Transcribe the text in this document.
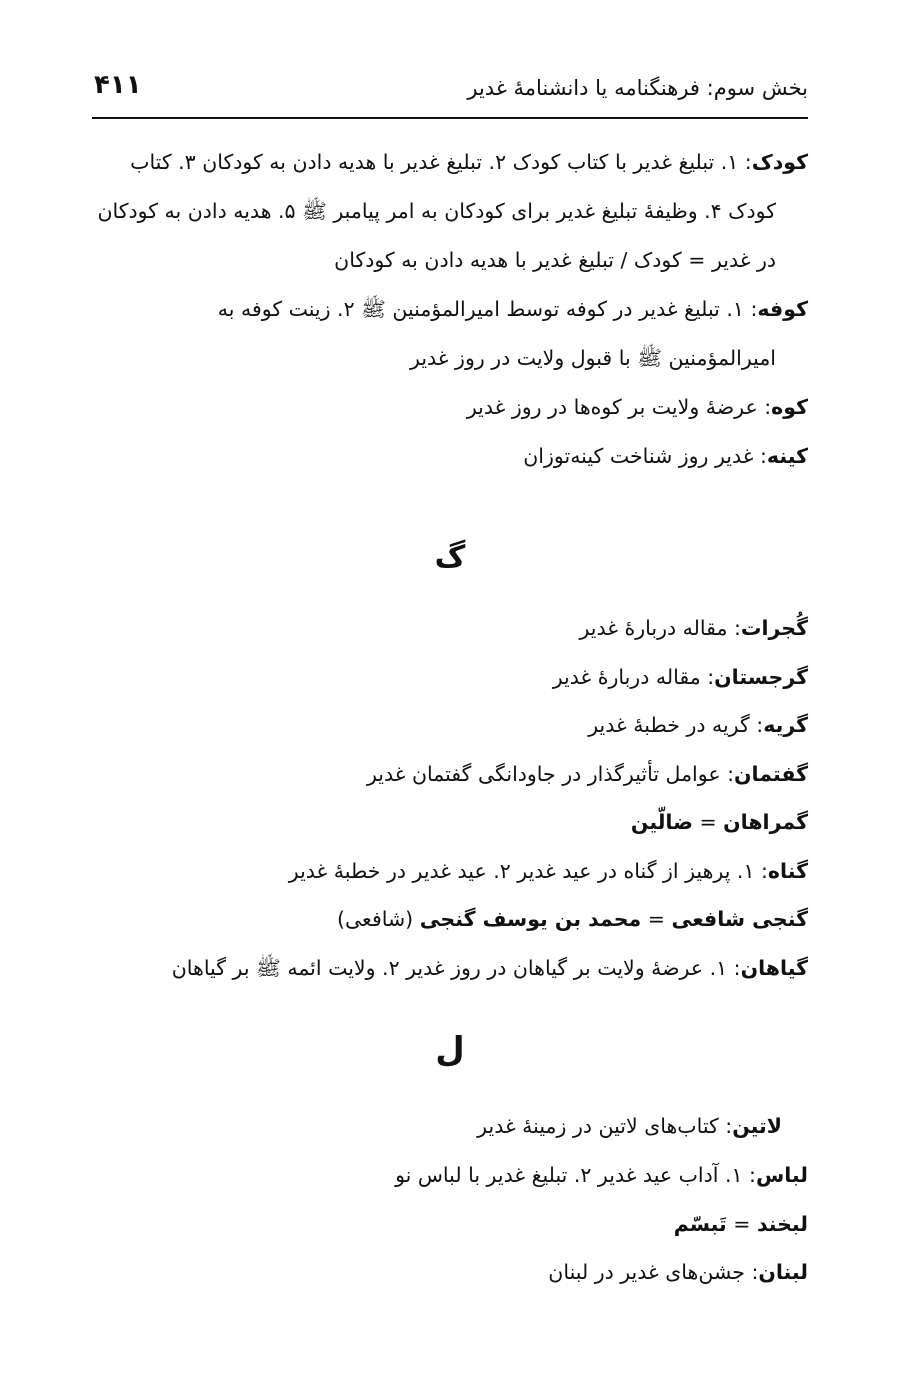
بخش سوم: فرهنگنامه یا دانشنامهٔ غدیر
۴۱۱
کودک: ۱. تبلیغ غدیر با کتاب کودک ۲. تبلیغ غدیر با هدیه دادن به کودکان ۳. کتاب
کودک ۴. وظیفهٔ تبلیغ غدیر برای کودکان به امر پیامبر ﷺ ۵. هدیه دادن به کودکان
در غدیر = کودک / تبلیغ غدیر با هدیه دادن به کودکان
کوفه: ۱. تبلیغ غدیر در کوفه توسط امیرالمؤمنین ﷺ ۲. زینت کوفه به
امیرالمؤمنین ﷺ با قبول ولایت در روز غدیر
کوه: عرضهٔ ولایت بر کوه‌ها در روز غدیر
کینه: غدیر روز شناخت کینه‌توزان
گ
گُجرات: مقاله دربارهٔ غدیر
گرجستان: مقاله دربارهٔ غدیر
گریه: گریه در خطبهٔ غدیر
گفتمان: عوامل تأثیرگذار در جاودانگی گفتمان غدیر
گمراهان = ضالّین
گناه: ۱. پرهیز از گناه در عید غدیر ۲. عید غدیر در خطبهٔ غدیر
گنجی شافعی = محمد بن یوسف گنجی (شافعی)
گیاهان: ۱. عرضهٔ ولایت بر گیاهان در روز غدیر ۲. ولایت ائمه ﷺ بر گیاهان
ل
لاتین: کتاب‌های لاتین در زمینهٔ غدیر
لباس: ۱. آداب عید غدیر ۲. تبلیغ غدیر با لباس نو
لبخند = تَبسّم
لبنان: جشن‌های غدیر در لبنان
